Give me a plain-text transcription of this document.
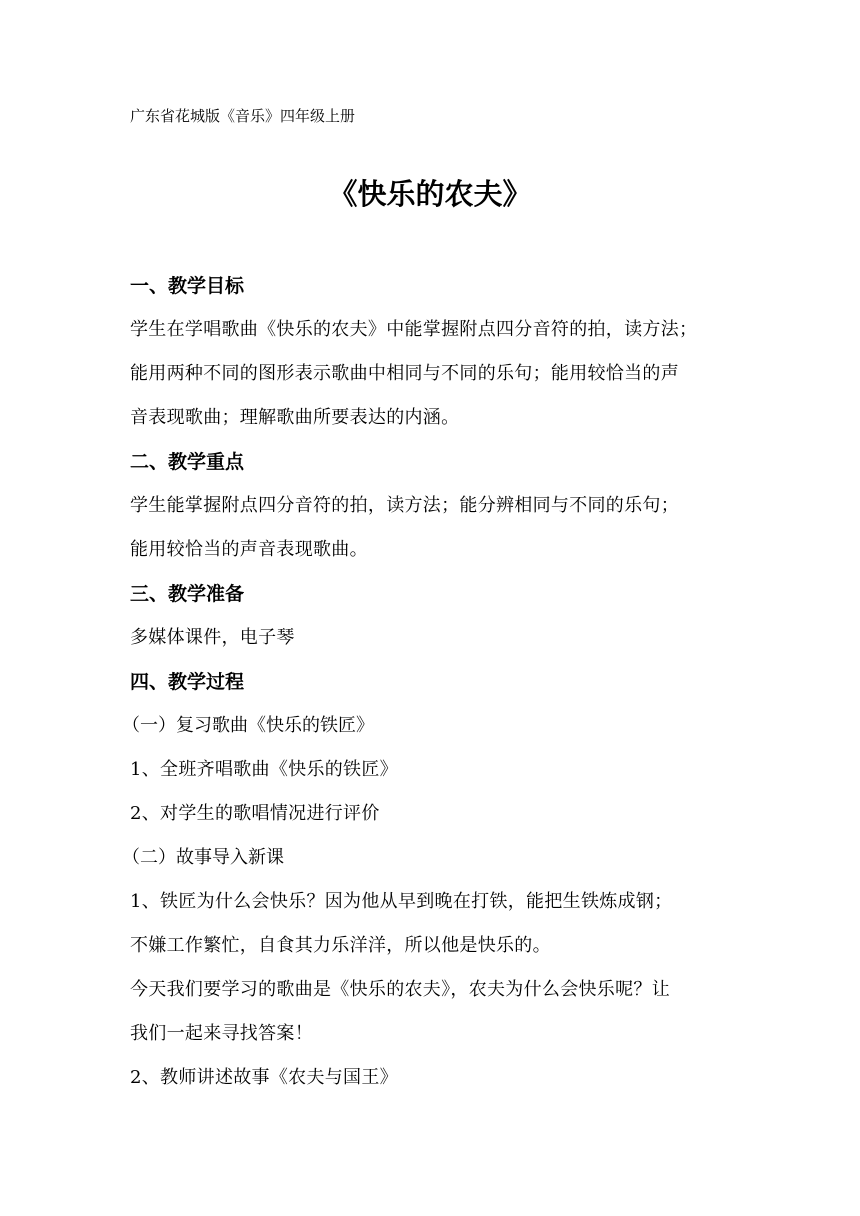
广东省花城版《音乐》四年级上册
《快乐的农夫》
一、教学目标
学生在学唱歌曲《快乐的农夫》中能掌握附点四分音符的拍，读方法；
能用两种不同的图形表示歌曲中相同与不同的乐句；能用较恰当的声
音表现歌曲；理解歌曲所要表达的内涵。
二、教学重点
学生能掌握附点四分音符的拍，读方法；能分辨相同与不同的乐句；
能用较恰当的声音表现歌曲。
三、教学准备
多媒体课件，电子琴
四、教学过程
（一）复习歌曲《快乐的铁匠》
1、全班齐唱歌曲《快乐的铁匠》
2、对学生的歌唱情况进行评价
（二）故事导入新课
1、铁匠为什么会快乐？因为他从早到晚在打铁，能把生铁炼成钢；
不嫌工作繁忙，自食其力乐洋洋，所以他是快乐的。
今天我们要学习的歌曲是《快乐的农夫》，农夫为什么会快乐呢？让
我们一起来寻找答案！
2、教师讲述故事《农夫与国王》
